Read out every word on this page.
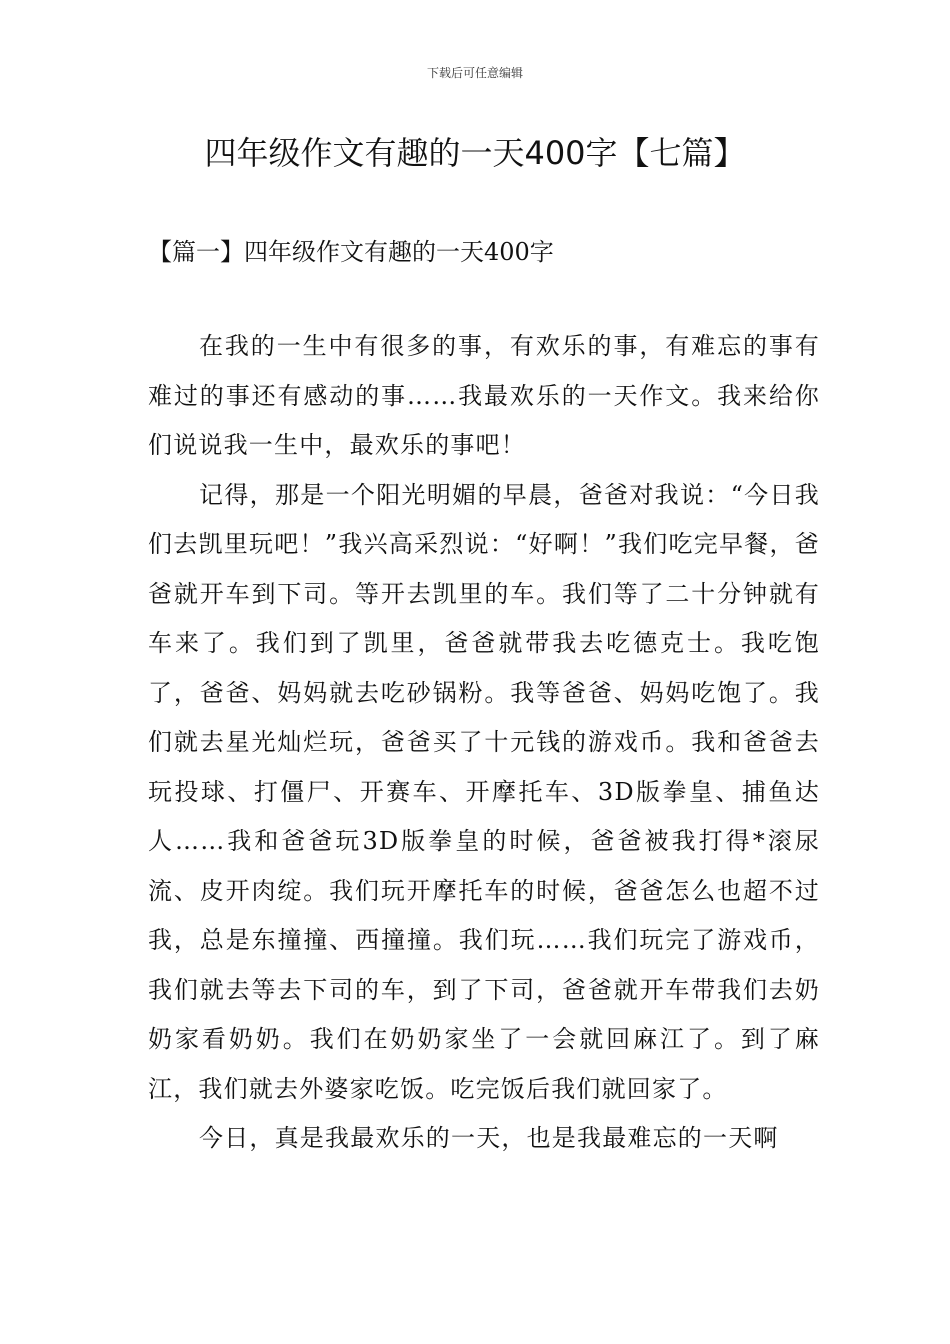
下载后可任意编辑
四年级作文有趣的一天400字【七篇】
【篇一】四年级作文有趣的一天400字

在我的一生中有很多的事，有欢乐的事，有难忘的事有难过的事还有感动的事……我最欢乐的一天作文。我来给你们说说我一生中，最欢乐的事吧！

记得，那是一个阳光明媚的早晨，爸爸对我说：“今日我们去凯里玩吧！”我兴高采烈说：“好啊！”我们吃完早餐，爸爸就开车到下司。等开去凯里的车。我们等了二十分钟就有车来了。我们到了凯里，爸爸就带我去吃德克士。我吃饱了，爸爸、妈妈就去吃砂锅粉。我等爸爸、妈妈吃饱了。我们就去星光灿烂玩，爸爸买了十元钱的游戏币。我和爸爸去玩投球、打僵尸、开赛车、开摩托车、3D版拳皇、捕鱼达人……我和爸爸玩3D版拳皇的时候，爸爸被我打得*滚尿流、皮开肉绽。我们玩开摩托车的时候，爸爸怎么也超不过我，总是东撞撞、西撞撞。我们玩……我们玩完了游戏币，我们就去等去下司的车，到了下司，爸爸就开车带我们去奶奶家看奶奶。我们在奶奶家坐了一会就回麻江了。到了麻江，我们就去外婆家吃饭。吃完饭后我们就回家了。

今日，真是我最欢乐的一天，也是我最难忘的一天啊
